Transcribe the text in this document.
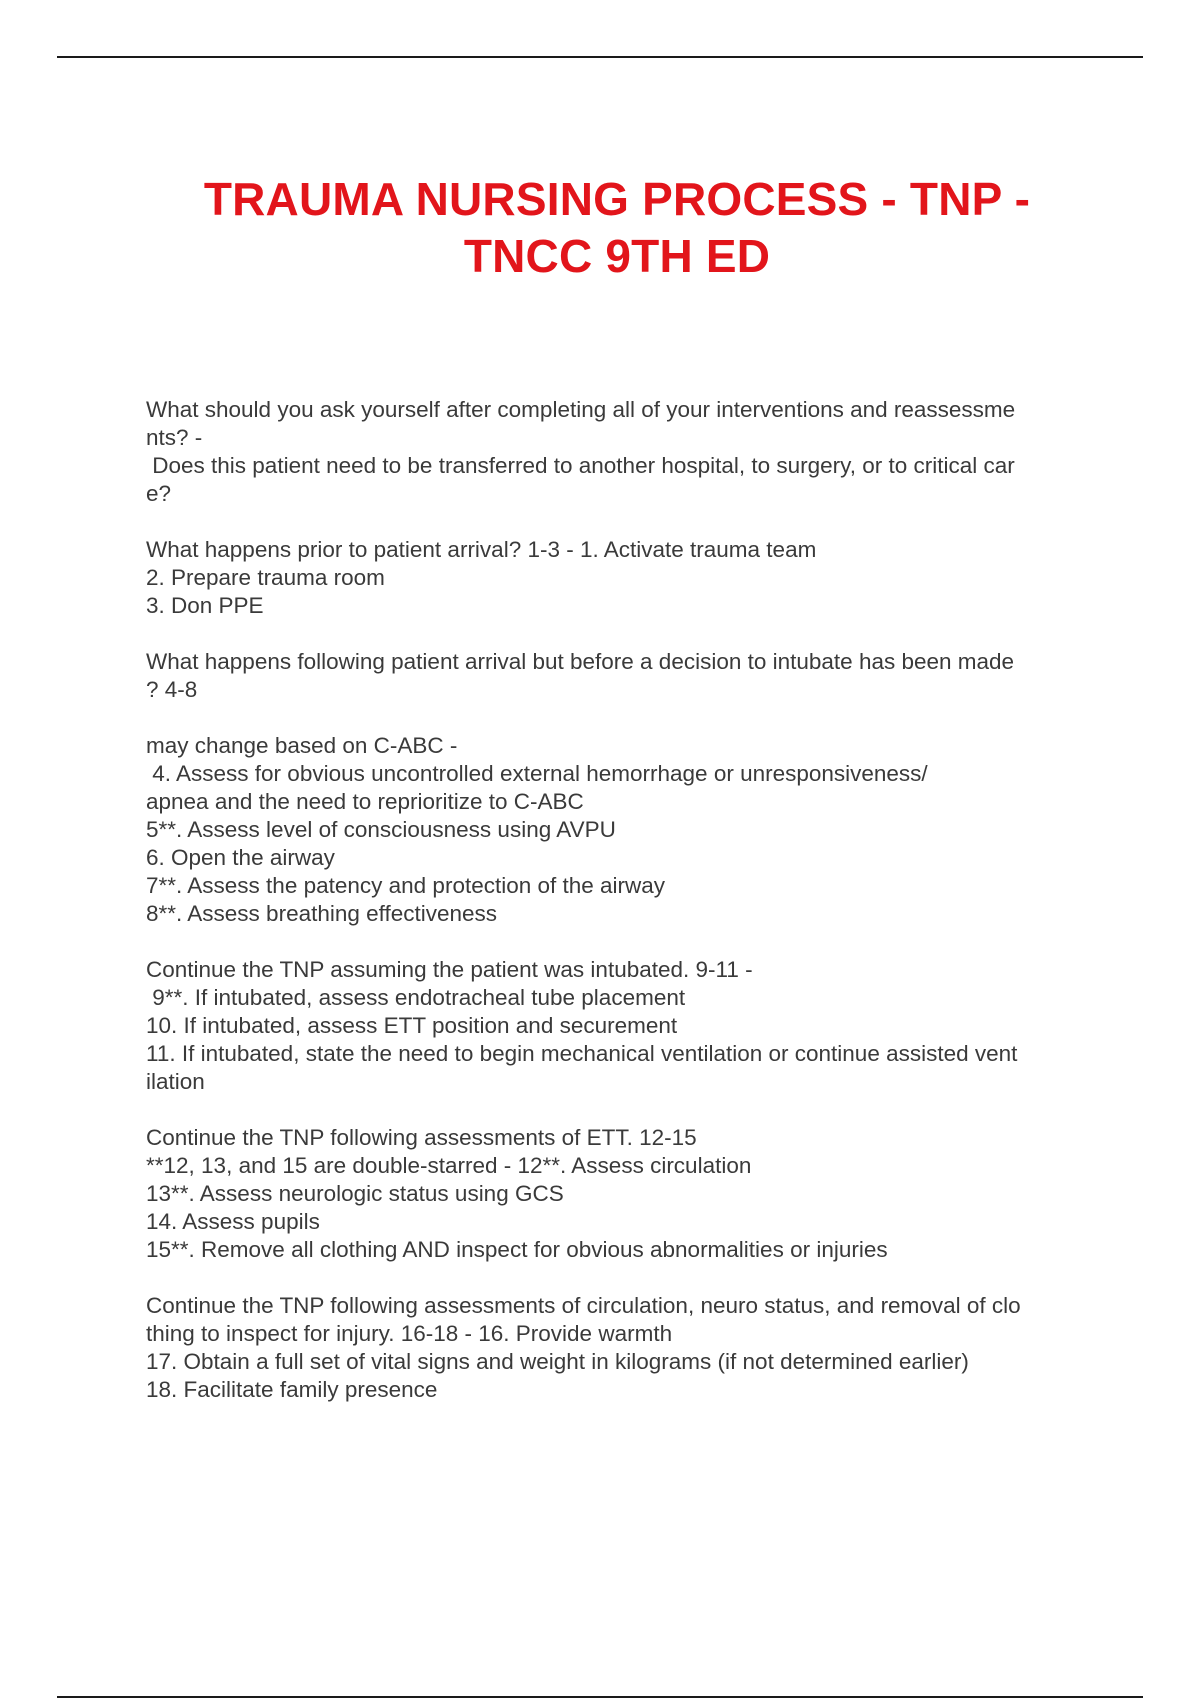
TRAUMA NURSING PROCESS - TNP -
TNCC 9TH ED
What should you ask yourself after completing all of your interventions and reassessme
nts? -
Does this patient need to be transferred to another hospital, to surgery, or to critical car
e?
What happens prior to patient arrival? 1-3 - 1. Activate trauma team
2. Prepare trauma room
3. Don PPE
What happens following patient arrival but before a decision to intubate has been made
? 4-8

may change based on C-ABC -
4. Assess for obvious uncontrolled external hemorrhage or unresponsiveness/
apnea and the need to reprioritize to C-ABC
5**. Assess level of consciousness using AVPU
6. Open the airway
7**. Assess the patency and protection of the airway
8**. Assess breathing effectiveness
Continue the TNP assuming the patient was intubated. 9-11 -
9**. If intubated, assess endotracheal tube placement
10. If intubated, assess ETT position and securement
11. If intubated, state the need to begin mechanical ventilation or continue assisted vent
ilation
Continue the TNP following assessments of ETT. 12-15
**12, 13, and 15 are double-starred - 12**. Assess circulation
13**. Assess neurologic status using GCS
14. Assess pupils
15**. Remove all clothing AND inspect for obvious abnormalities or injuries
Continue the TNP following assessments of circulation, neuro status, and removal of clo
thing to inspect for injury. 16-18 - 16. Provide warmth
17. Obtain a full set of vital signs and weight in kilograms (if not determined earlier)
18. Facilitate family presence
